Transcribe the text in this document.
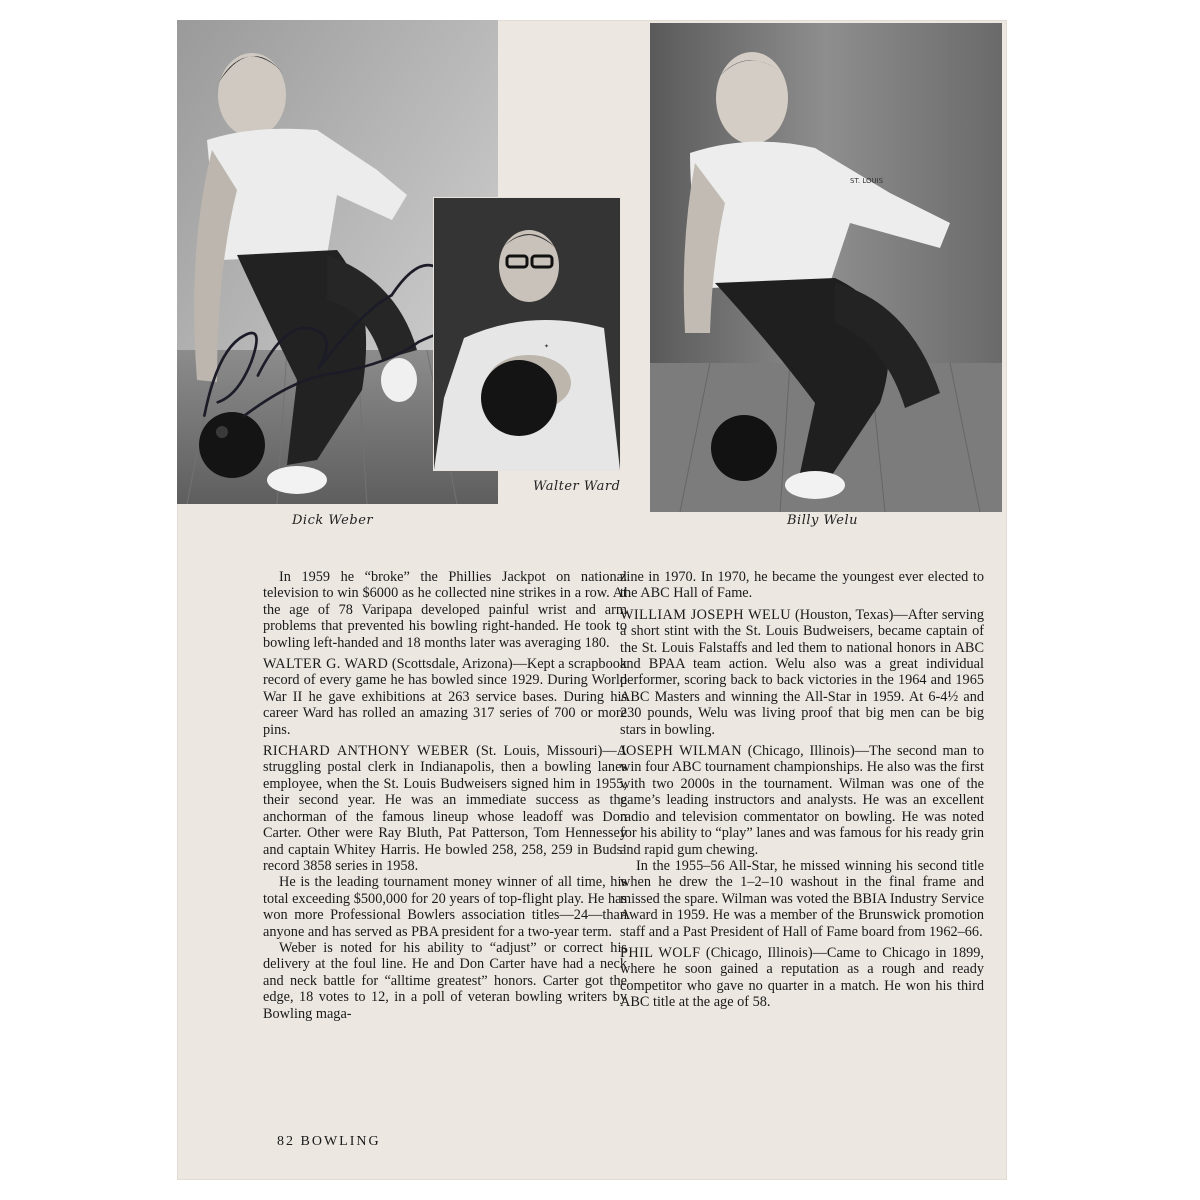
ST. LOUIS
✦
Dick Weber
Walter Ward
Billy Welu

In 1959 he “broke” the Phillies Jackpot on national television to win $6000 as he collected nine strikes in a row. At the age of 78 Varipapa developed painful wrist and arm problems that prevented his bowling right-handed. He took to bowling left-handed and 18 months later was averaging 180.

WALTER G. WARD (Scottsdale, Arizona)—Kept a scrapbook record of every game he has bowled since 1929. During World War II he gave exhibitions at 263 service bases. During his career Ward has rolled an amazing 317 series of 700 or more pins.

RICHARD ANTHONY WEBER (St. Louis, Missouri)—A struggling postal clerk in Indianapolis, then a bowling lanes employee, when the St. Louis Budweisers signed him in 1955, their second year. He was an immediate success as the anchorman of the famous lineup whose leadoff was Don Carter. Other were Ray Bluth, Pat Patterson, Tom Hennessey and captain Whitey Harris. He bowled 258, 258, 259 in Buds’ record 3858 series in 1958.

He is the leading tournament money winner of all time, his total exceeding $500,000 for 20 years of top-flight play. He has won more Professional Bowlers association titles—24—than anyone and has served as PBA president for a two-year term.

Weber is noted for his ability to “adjust” or correct his delivery at the foul line. He and Don Carter have had a neck and neck battle for “alltime greatest” honors. Carter got the edge, 18 votes to 12, in a poll of veteran bowling writers by Bowling maga-

zine in 1970. In 1970, he became the youngest ever elected to the ABC Hall of Fame.

WILLIAM JOSEPH WELU (Houston, Texas)—After serving a short stint with the St. Louis Budweisers, became captain of the St. Louis Falstaffs and led them to national honors in ABC and BPAA team action. Welu also was a great individual performer, scoring back to back victories in the 1964 and 1965 ABC Masters and winning the All-Star in 1959. At 6-4½ and 230 pounds, Welu was living proof that big men can be big stars in bowling.

JOSEPH WILMAN (Chicago, Illinois)—The second man to win four ABC tournament championships. He also was the first with two 2000s in the tournament. Wilman was one of the game’s leading instructors and analysts. He was an excellent radio and television commentator on bowling. He was noted for his ability to “play” lanes and was famous for his ready grin and rapid gum chewing.

In the 1955–56 All-Star, he missed winning his second title when he drew the 1–2–10 washout in the final frame and missed the spare. Wilman was voted the BBIA Industry Service Award in 1959. He was a member of the Brunswick promotion staff and a Past President of Hall of Fame board from 1962–66.

PHIL WOLF (Chicago, Illinois)—Came to Chicago in 1899, where he soon gained a reputation as a rough and ready competitor who gave no quarter in a match. He won his third ABC title at the age of 58.

82 BOWLING
